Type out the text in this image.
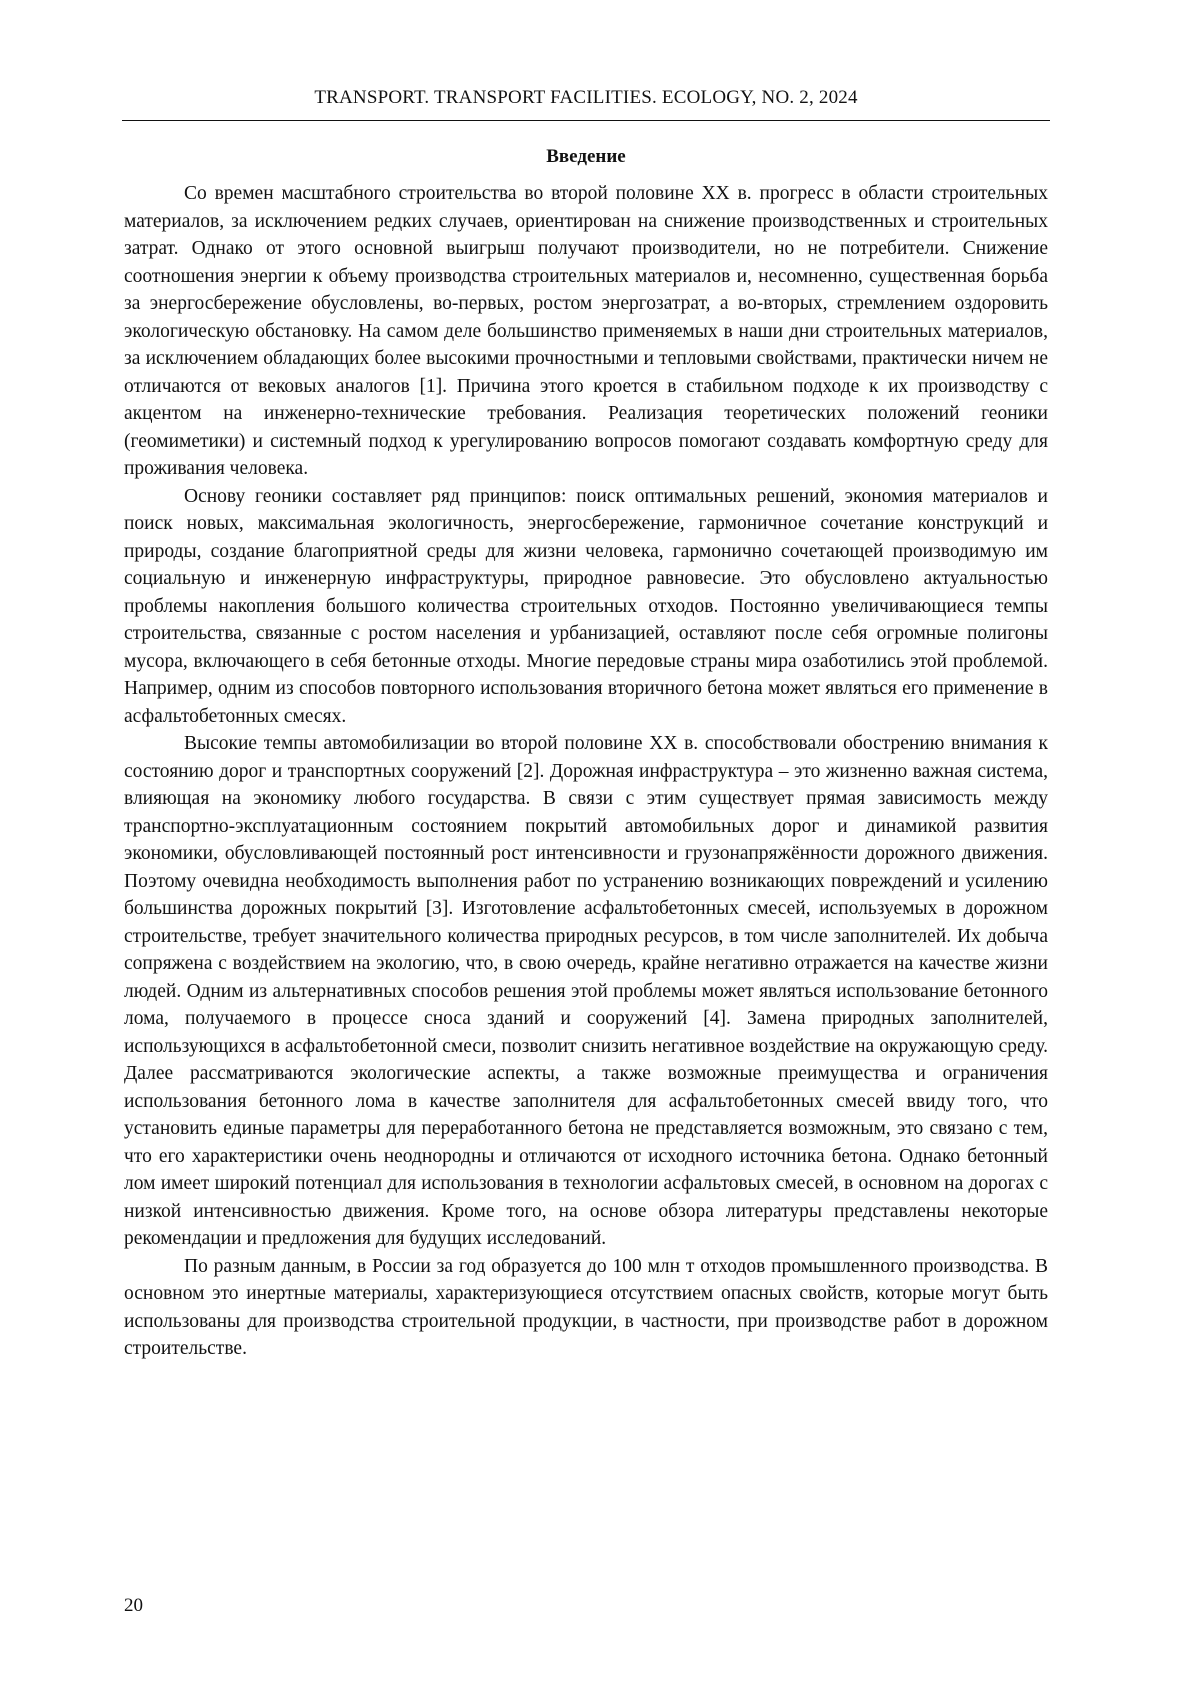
TRANSPORT. TRANSPORT FACILITIES. ECOLOGY, NO. 2, 2024
Введение

Со времен масштабного строительства во второй половине XX в. прогресс в области строительных материалов, за исключением редких случаев, ориентирован на снижение производственных и строительных затрат. Однако от этого основной выигрыш получают производители, но не потребители. Снижение соотношения энергии к объему производства строительных материалов и, несомненно, существенная борьба за энергосбережение обусловлены, во-первых, ростом энергозатрат, а во-вторых, стремлением оздоровить экологическую обстановку. На самом деле большинство применяемых в наши дни строительных материалов, за исключением обладающих более высокими прочностными и тепловыми свойствами, практически ничем не отличаются от вековых аналогов [1]. Причина этого кроется в стабильном подходе к их производству с акцентом на инженерно-технические требования. Реализация теоретических положений геоники (геомиметики) и системный подход к урегулированию вопросов помогают создавать комфортную среду для проживания человека.

Основу геоники составляет ряд принципов: поиск оптимальных решений, экономия материалов и поиск новых, максимальная экологичность, энергосбережение, гармоничное сочетание конструкций и природы, создание благоприятной среды для жизни человека, гармонично сочетающей производимую им социальную и инженерную инфраструктуры, природное равновесие. Это обусловлено актуальностью проблемы накопления большого количества строительных отходов. Постоянно увеличивающиеся темпы строительства, связанные с ростом населения и урбанизацией, оставляют после себя огромные полигоны мусора, включающего в себя бетонные отходы. Многие передовые страны мира озаботились этой проблемой. Например, одним из способов повторного использования вторичного бетона может являться его применение в асфальтобетонных смесях.

Высокие темпы автомобилизации во второй половине XX в. способствовали обострению внимания к состоянию дорог и транспортных сооружений [2]. Дорожная инфраструктура – это жизненно важная система, влияющая на экономику любого государства. В связи с этим существует прямая зависимость между транспортно-эксплуатационным состоянием покрытий автомобильных дорог и динамикой развития экономики, обусловливающей постоянный рост интенсивности и грузонапряжённости дорожного движения. Поэтому очевидна необходимость выполнения работ по устранению возникающих повреждений и усилению большинства дорожных покрытий [3]. Изготовление асфальтобетонных смесей, используемых в дорожном строительстве, требует значительного количества природных ресурсов, в том числе заполнителей. Их добыча сопряжена с воздействием на экологию, что, в свою очередь, крайне негативно отражается на качестве жизни людей. Одним из альтернативных способов решения этой проблемы может являться использование бетонного лома, получаемого в процессе сноса зданий и сооружений [4]. Замена природных заполнителей, использующихся в асфальтобетонной смеси, позволит снизить негативное воздействие на окружающую среду. Далее рассматриваются экологические аспекты, а также возможные преимущества и ограничения использования бетонного лома в качестве заполнителя для асфальтобетонных смесей ввиду того, что установить единые параметры для переработанного бетона не представляется возможным, это связано с тем, что его характеристики очень неоднородны и отличаются от исходного источника бетона. Однако бетонный лом имеет широкий потенциал для использования в технологии асфальтовых смесей, в основном на дорогах с низкой интенсивностью движения. Кроме того, на основе обзора литературы представлены некоторые рекомендации и предложения для будущих исследований.

По разным данным, в России за год образуется до 100 млн т отходов промышленного производства. В основном это инертные материалы, характеризующиеся отсутствием опасных свойств, которые могут быть использованы для производства строительной продукции, в частности, при производстве работ в дорожном строительстве.

20
